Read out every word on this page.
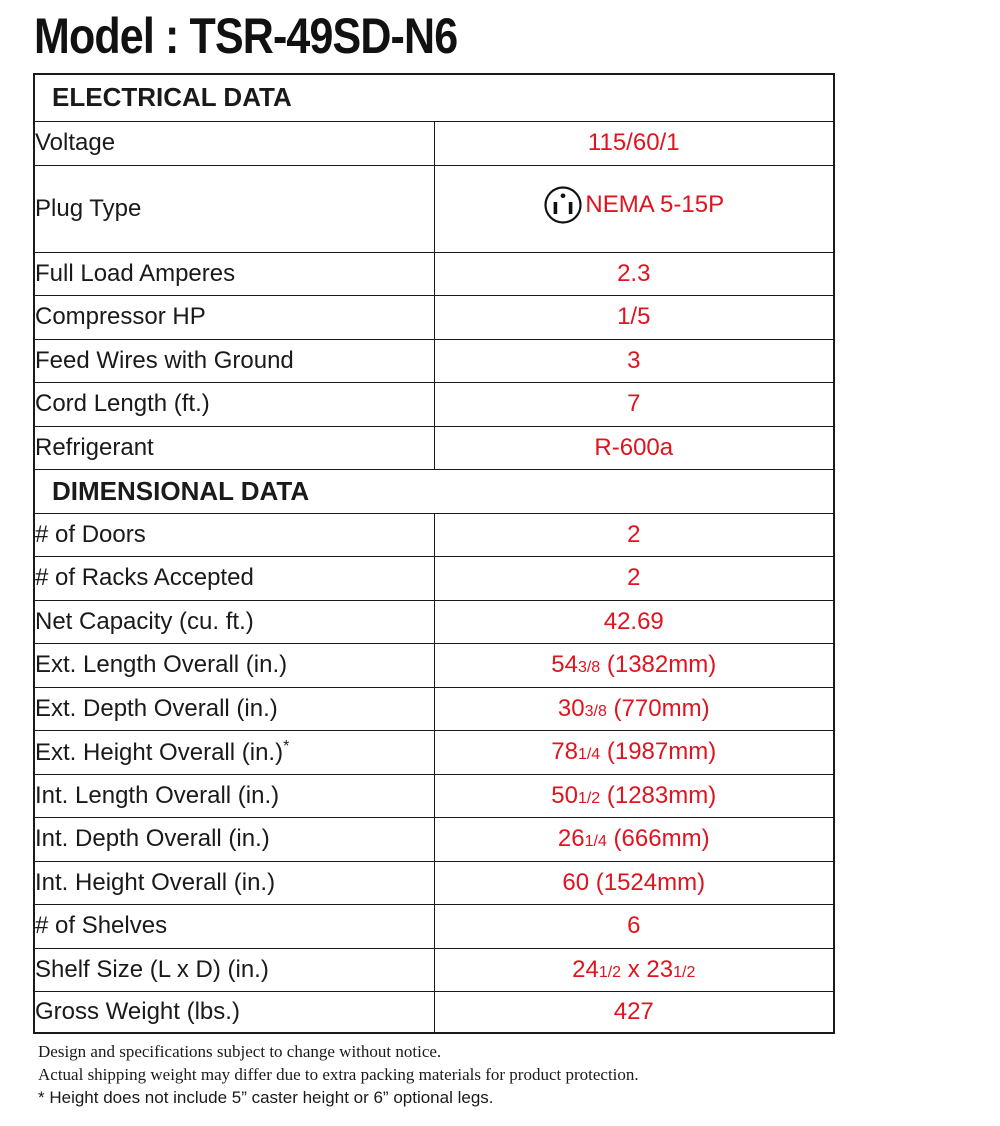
Model : TSR-49SD-N6
ELECTRICAL DATA	
Voltage	115/60/1
Plug Type	NEMA 5-15P

Full Load Amperes	2.3
Compressor HP	1/5
Feed Wires with Ground	3
Cord Length (ft.)	7
Refrigerant	R-600a
DIMENSIONAL DATA	
# of Doors	2
# of Racks Accepted	2
Net Capacity (cu. ft.)	42.69
Ext. Length Overall (in.)	543/8 (1382mm)
Ext. Depth Overall (in.)	303/8 (770mm)
Ext. Height Overall (in.)*	781/4 (1987mm)
Int. Length Overall (in.)	501/2 (1283mm)
Int. Depth Overall (in.)	261/4 (666mm)
Int. Height Overall (in.)	60 (1524mm)
# of Shelves	6
Shelf Size (L x D) (in.)	241/2 x 231/2
Gross Weight (lbs.)	427

Design and specifications subject to change without notice.

Actual shipping weight may differ due to extra packing materials for product protection.

* Height does not include 5” caster height or 6” optional legs.
